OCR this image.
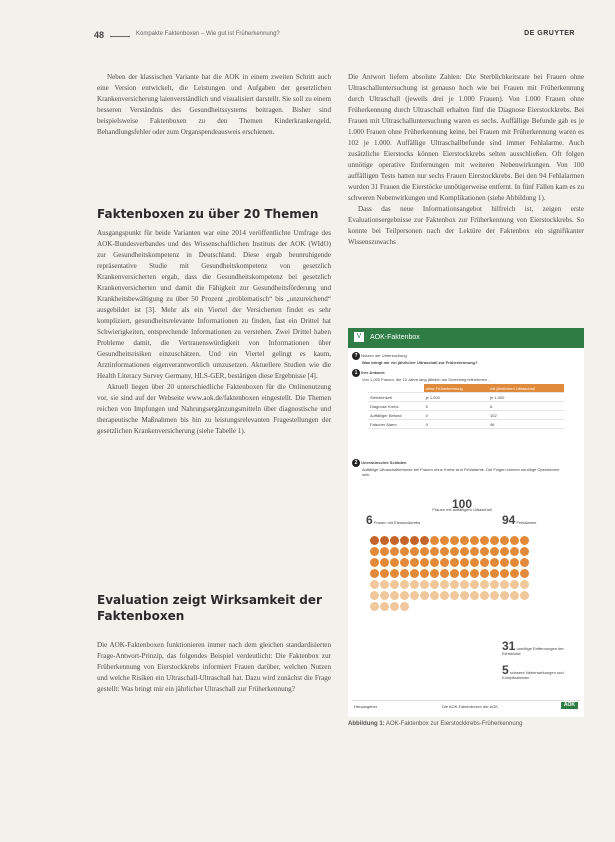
48	Kompakte Faktenboxen – Wie gut ist Früherkennung?	DE GRUYTER

Neben der klassischen Variante hat die AOK in einem zweiten Schritt auch eine Version entwickelt, die Leistungen und Aufgaben der gesetzlichen Krankenversicherung laienverständlich und visualisiert darstellt. Sie soll zu einem besseren Verständnis des Gesundheitssystems beitragen. Bisher sind beispielsweise Faktenboxen zu den Themen Kinderkrankengeld, Behandlungsfehler oder zum Organspendeausweis erschienen.

Faktenboxen zu über 20 Themen

Ausgangspunkt für beide Varianten war eine 2014 veröffentlichte Umfrage des AOK-Bundesverbandes und des Wissenschaftlichen Instituts der AOK (WIdO) zur Gesundheitskompetenz in Deutschland. Diese ergab beunruhigende repräsentative Studie mit Gesundheitskompetenz von gesetzlich Krankenversicherten ergab, dass die Gesundheitskompetenz bei gesetzlich Krankenversicherten und damit die Fähigkeit zur Gesundheitsförderung und Krankheitsbewältigung zu über 50 Prozent „problematisch“ bis „unzureichend“ ausgebildet ist [3]. Mehr als ein Viertel der Versicherten findet es sehr kompliziert, gesundheitsrelevante Informationen zu finden, fast ein Drittel hat Schwierigkeiten, entsprechende Informationen zu verstehen. Zwei Drittel haben Probleme damit, die Vertrauenswürdigkeit von Informationen über Gesundheitsrisiken einzuschätzen. Und ein Viertel gelingt es kaum, Arztinformationen eigenverantwortlich umzusetzen. Aktuellere Studien wie die Health Literacy Survey Germany, HLS-GER, bestätigen diese Ergebnisse [4].

Aktuell liegen über 20 unterschiedliche Faktenboxen für die Onlinenutzung vor, sie sind auf der Webseite www.aok.de/faktenboxen eingestellt. Die Themen reichen von Impfungen und Nahrungsergänzungsmitteln über diagnostische und therapeutische Maßnahmen bis hin zu leistungsrelevanten Fragestellungen der gesetzlichen Krankenversicherung (siehe Tabelle 1).

Evaluation zeigt Wirksamkeit der Faktenboxen

Die AOK-Faktenboxen funktionieren immer nach dem gleichen standardisierten Frage-Antwort-Prinzip, das folgendes Beispiel verdeutlicht: Die Faktenbox zur Früherkennung von Eierstockkrebs informiert Frauen darüber, welchen Nutzen und welche Risiken ein Ultraschall-Ultraschall hat. Dazu wird zunächst die Frage gestellt: Was bringt mir ein jährlicher Ultraschall zur Früherkennung?

Die Antwort liefern absolute Zahlen: Die Sterblichkeitsrate bei Frauen ohne Ultraschalluntersuchung ist genauso hoch wie bei Frauen mit Früherkennung durch Ultraschall (jeweils drei je 1.000 Frauen). Von 1.000 Frauen ohne Früherkennung durch Ultraschall erhalten fünf die Diagnose Eierstockkrebs. Bei Frauen mit Ultraschalluntersuchung waren es sechs. Auffällige Befunde gab es je 1.000 Frauen ohne Früherkennung keine, bei Frauen mit Früherkennung waren es 102 je 1.000. Auffällige Ultraschallbefunde sind immer Fehlalarme. Auch zusätzliche Eierstocks können Eierstockkrebs selten ausschließen. Oft folgen unnötige operative Entfernungen mit weiteren Nebenwirkungen. Von 100 auffälligen Tests hatten nur sechs Frauen Eierstockkrebs. Bei den 94 Fehlalarmen wurden 31 Frauen die Eierstöcke unnötigerweise entfernt. In fünf Fällen kam es zu schweren Nebenwirkungen und Komplikationen (siehe Abbildung 1).

Dass das neue Informationsangebot hilfreich ist, zeigen erste Evaluationsergebnisse zur Faktenbox zur Früherkennung von Eierstockkrebs. So konnte bei Teilpersonen nach der Lektüre der Faktenbox ein signifikanter Wissenszuwachs

V AOK-Faktenbox
? Nutzen der Untersuchung
Was bringt mir ein jährlicher Ultraschall zur Früherkennung?
1 Ihre Antwort
Von 1.000 Frauen, die 10 Jahre lang jährlich am Screening teilnehmen ...
	ohne Früherkennung	mit jährlichem Ultraschall
Sterblichkeit	je 1.000	je 1.000
Diagnose Krebs	5	6
Auffälliger Befund	0	102
Falscher Alarm	0	96
2 Unerwünschte Schäden
Auffällige Ultraschallbefunde bei Frauen ohne Krebs sind Fehlalarme. Die Folgen können unnötige Operationen sein.
100
Frauen mit auffälligem Ultraschall
6 Frauen mit Eierstockkrebs	94 Fehlalarme
31 unnötige Entfernungen der Eierstöcke
5 schwere Nebenwirkungen und Komplikationen
Herausgeber	Die AOK-Faktenboxen der AOK	AOK
Abbildung 1: AOK-Faktenbox zur Eierstockkrebs-Früherkennung
